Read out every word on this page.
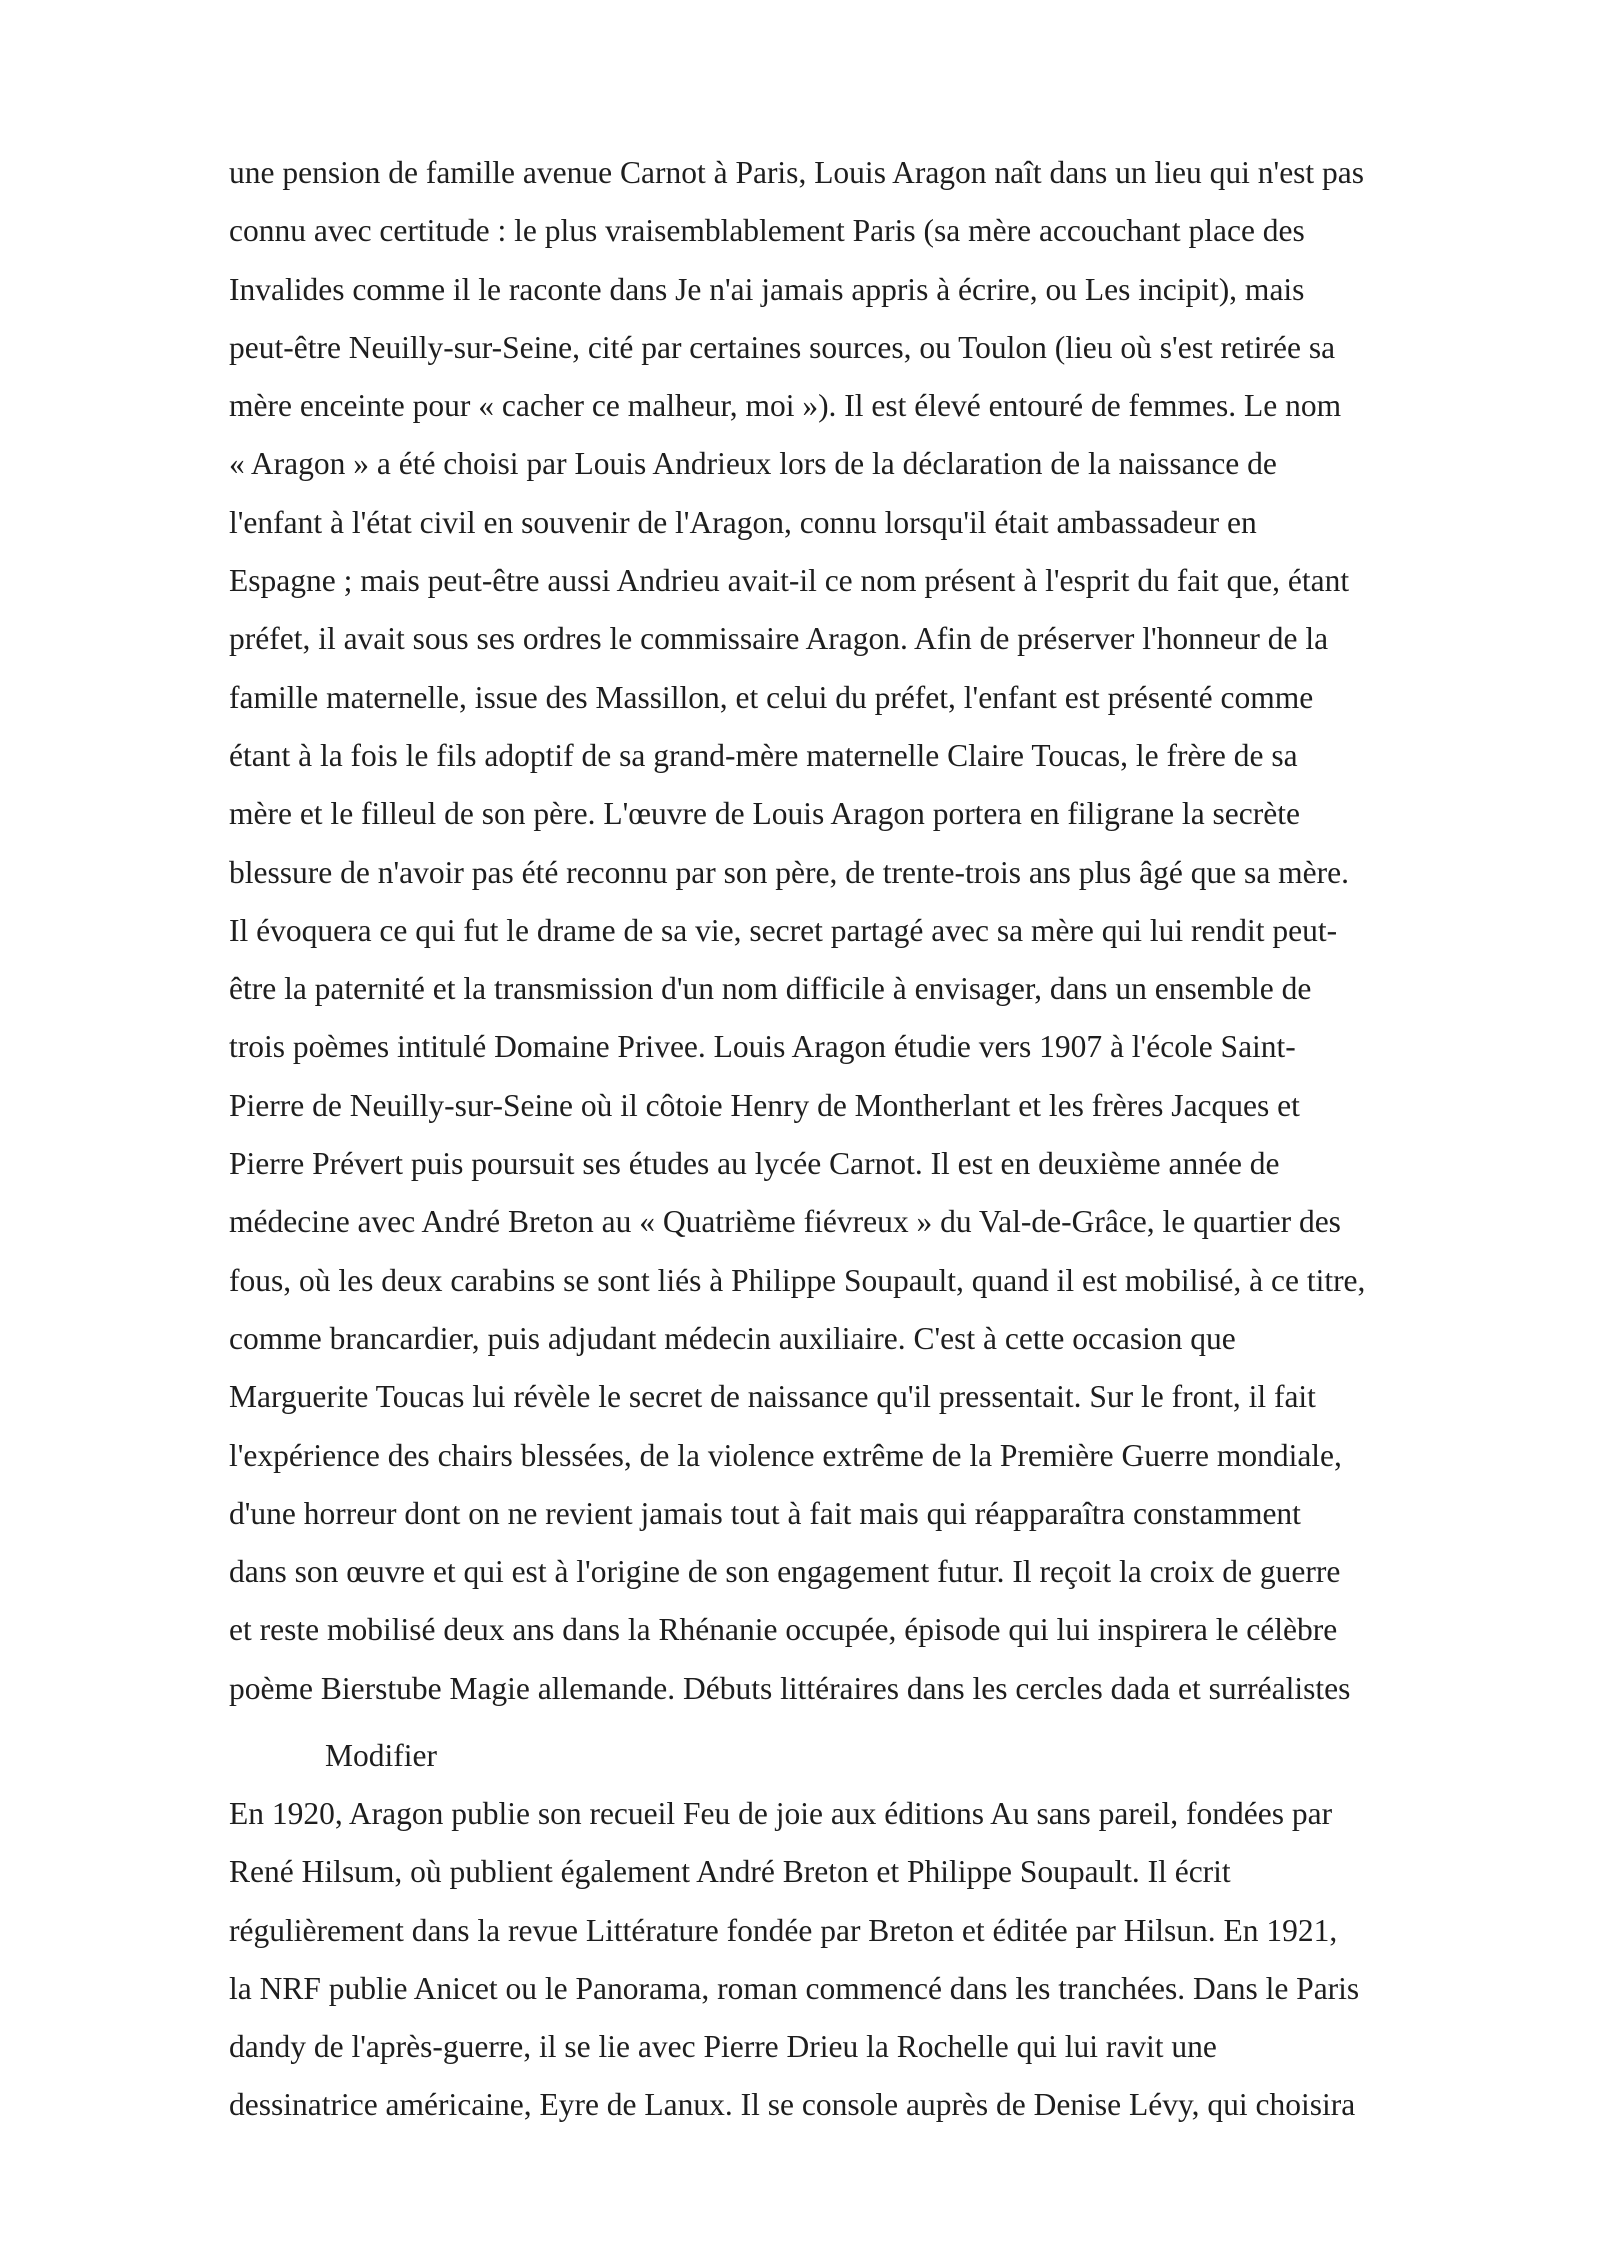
une pension de famille avenue Carnot à Paris, Louis Aragon naît dans un lieu qui n'est pas
connu avec certitude : le plus vraisemblablement Paris (sa mère accouchant place des
Invalides comme il le raconte dans Je n'ai jamais appris à écrire, ou Les incipit), mais
peut-être Neuilly-sur-Seine, cité par certaines sources, ou Toulon (lieu où s'est retirée sa
mère enceinte pour « cacher ce malheur, moi »). Il est élevé entouré de femmes. Le nom
« Aragon » a été choisi par Louis Andrieux lors de la déclaration de la naissance de
l'enfant à l'état civil en souvenir de l'Aragon, connu lorsqu'il était ambassadeur en
Espagne ; mais peut-être aussi Andrieu avait-il ce nom présent à l'esprit du fait que, étant
préfet, il avait sous ses ordres le commissaire Aragon. Afin de préserver l'honneur de la
famille maternelle, issue des Massillon, et celui du préfet, l'enfant est présenté comme
étant à la fois le fils adoptif de sa grand-mère maternelle Claire Toucas, le frère de sa
mère et le filleul de son père. L'œuvre de Louis Aragon portera en filigrane la secrète
blessure de n'avoir pas été reconnu par son père, de trente-trois ans plus âgé que sa mère.
Il évoquera ce qui fut le drame de sa vie, secret partagé avec sa mère qui lui rendit peut-
être la paternité et la transmission d'un nom difficile à envisager, dans un ensemble de
trois poèmes intitulé Domaine Privee. Louis Aragon étudie vers 1907 à l'école Saint-
Pierre de Neuilly-sur-Seine où il côtoie Henry de Montherlant et les frères Jacques et
Pierre Prévert puis poursuit ses études au lycée Carnot. Il est en deuxième année de
médecine avec André Breton au « Quatrième fiévreux » du Val-de-Grâce, le quartier des
fous, où les deux carabins se sont liés à Philippe Soupault, quand il est mobilisé, à ce titre,
comme brancardier, puis adjudant médecin auxiliaire. C'est à cette occasion que
Marguerite Toucas lui révèle le secret de naissance qu'il pressentait. Sur le front, il fait
l'expérience des chairs blessées, de la violence extrême de la Première Guerre mondiale,
d'une horreur dont on ne revient jamais tout à fait mais qui réapparaîtra constamment
dans son œuvre et qui est à l'origine de son engagement futur. Il reçoit la croix de guerre
et reste mobilisé deux ans dans la Rhénanie occupée, épisode qui lui inspirera le célèbre
poème Bierstube Magie allemande. Débuts littéraires dans les cercles dada et surréalistes
Modifier
En 1920, Aragon publie son recueil Feu de joie aux éditions Au sans pareil, fondées par
René Hilsum, où publient également André Breton et Philippe Soupault. Il écrit
régulièrement dans la revue Littérature fondée par Breton et éditée par Hilsun. En 1921,
la NRF publie Anicet ou le Panorama, roman commencé dans les tranchées. Dans le Paris
dandy de l'après-guerre, il se lie avec Pierre Drieu la Rochelle qui lui ravit une
dessinatrice américaine, Eyre de Lanux. Il se console auprès de Denise Lévy, qui choisira
